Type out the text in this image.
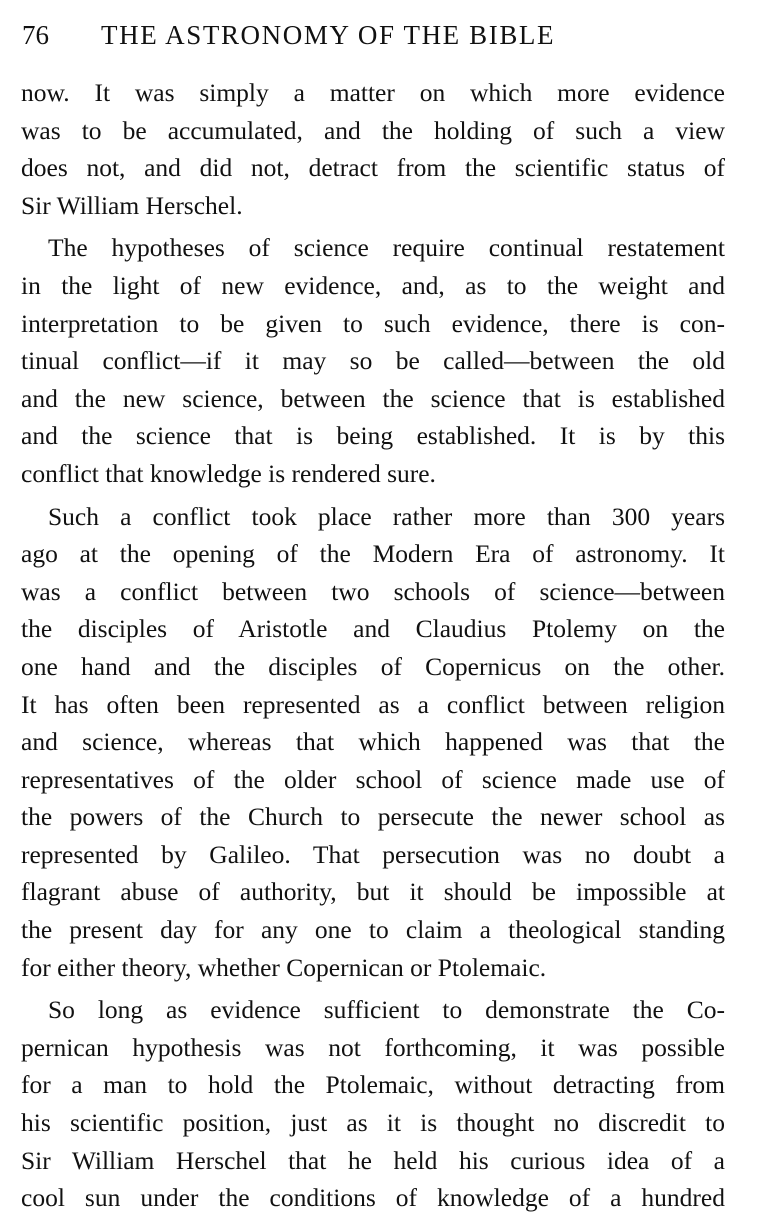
76 THE ASTRONOMY OF THE BIBLE

now. It was simply a matter on which more evidence
was to be accumulated, and the holding of such a view
does not, and did not, detract from the scientific status of
Sir William Herschel.

The hypotheses of science require continual restatement
in the light of new evidence, and, as to the weight and
interpretation to be given to such evidence, there is con-
tinual conflict—if it may so be called—between the old
and the new science, between the science that is established
and the science that is being established. It is by this
conflict that knowledge is rendered sure.

Such a conflict took place rather more than 300 years
ago at the opening of the Modern Era of astronomy. It
was a conflict between two schools of science—between
the disciples of Aristotle and Claudius Ptolemy on the
one hand and the disciples of Copernicus on the other.
It has often been represented as a conflict between religion
and science, whereas that which happened was that the
representatives of the older school of science made use of
the powers of the Church to persecute the newer school as
represented by Galileo. That persecution was no doubt a
flagrant abuse of authority, but it should be impossible at
the present day for any one to claim a theological standing
for either theory, whether Copernican or Ptolemaic.

So long as evidence sufficient to demonstrate the Co-
pernican hypothesis was not forthcoming, it was possible
for a man to hold the Ptolemaic, without detracting from
his scientific position, just as it is thought no discredit to
Sir William Herschel that he held his curious idea of a
cool sun under the conditions of knowledge of a hundred
